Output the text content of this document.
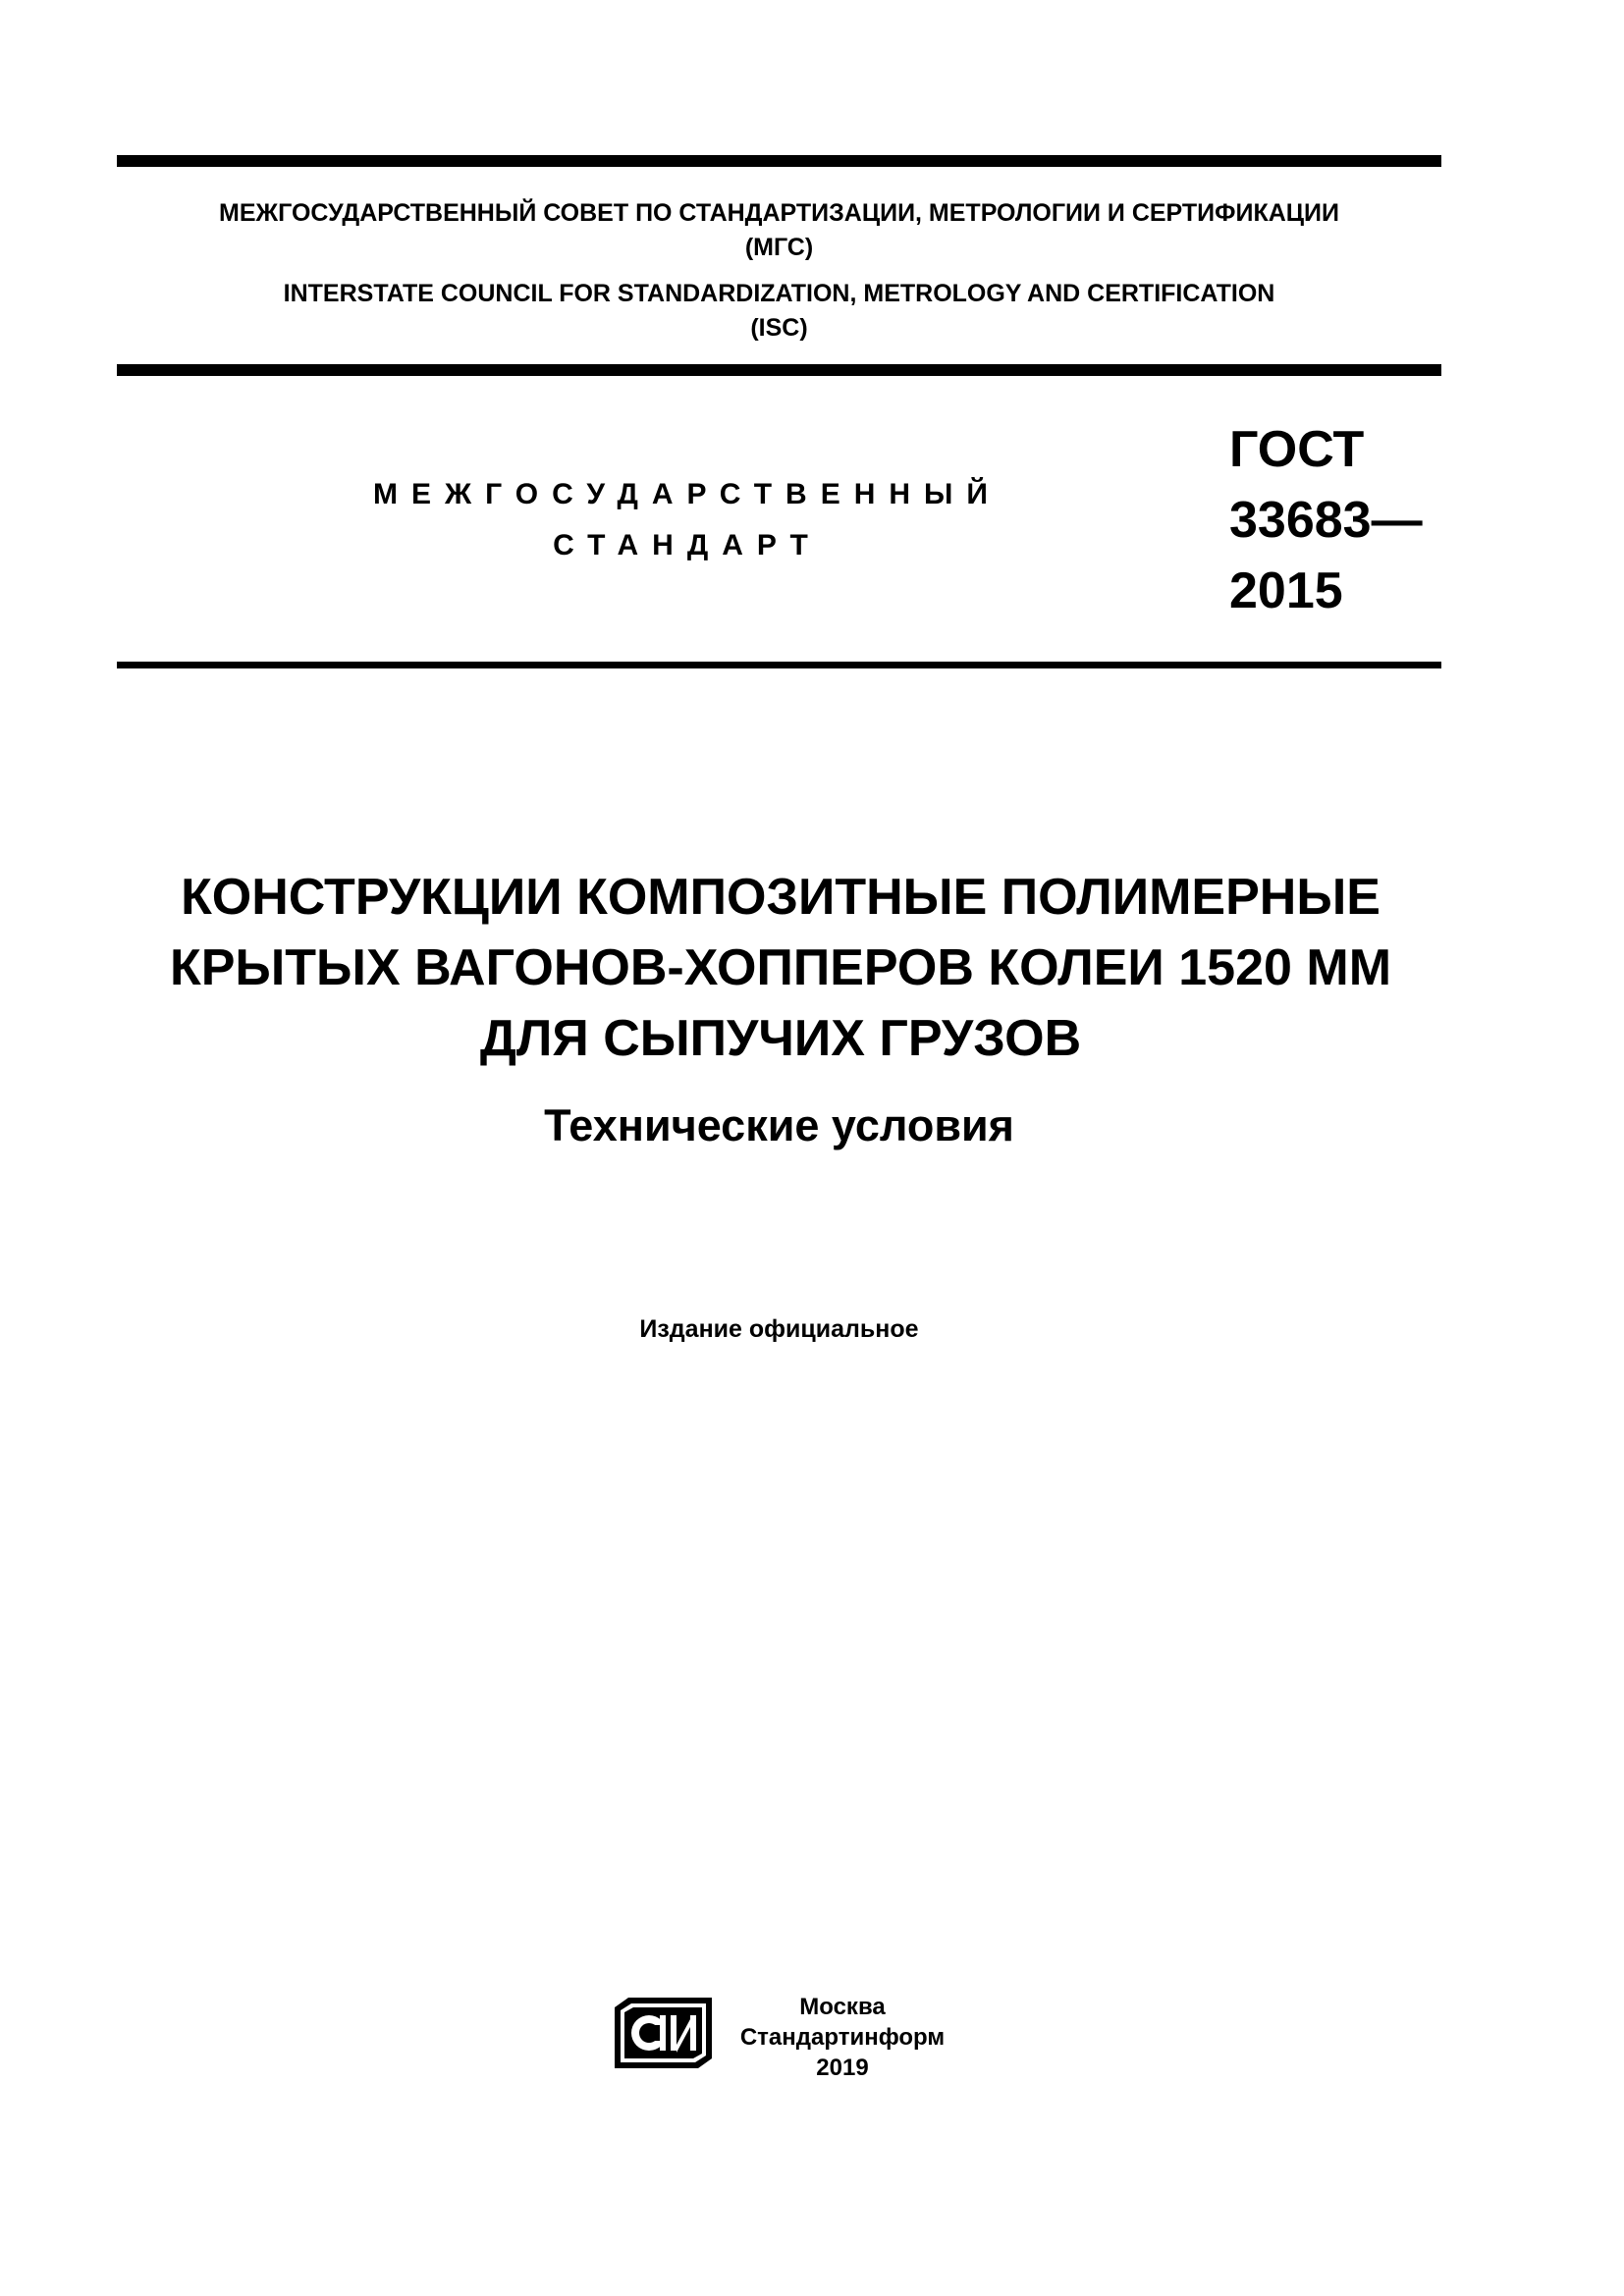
МЕЖГОСУДАРСТВЕННЫЙ СОВЕТ ПО СТАНДАРТИЗАЦИИ, МЕТРОЛОГИИ И СЕРТИФИКАЦИИ
(МГС)
INTERSTATE COUNCIL FOR STANDARDIZATION, METROLOGY AND CERTIFICATION
(ISC)
МЕЖГОСУДАРСТВЕННЫЙ
СТАНДАРТ
ГОСТ
33683—
2015
КОНСТРУКЦИИ КОМПОЗИТНЫЕ ПОЛИМЕРНЫЕ
КРЫТЫХ ВАГОНОВ-ХОППЕРОВ КОЛЕИ 1520 ММ
ДЛЯ СЫПУЧИХ ГРУЗОВ
Технические условия
Издание официальное
Москва
Стандартинформ
2019
